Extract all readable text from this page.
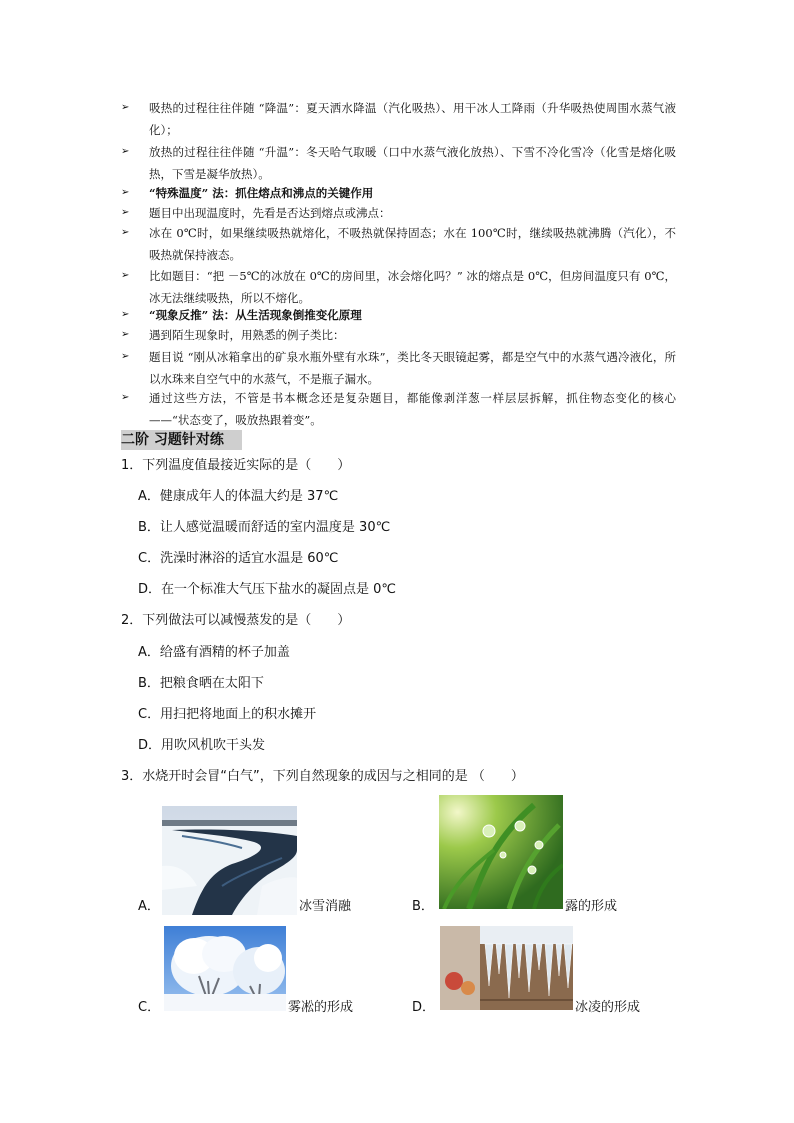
➢ 吸热的过程往往伴随 “降温”：夏天洒水降温（汽化吸热）、用干冰人工降雨（升华吸热使周围水蒸气液化）；
➢ 放热的过程往往伴随 “升温”：冬天哈气取暖（口中水蒸气液化放热）、下雪不冷化雪冷（化雪是熔化吸热，下雪是凝华放热）。
➢ “特殊温度” 法：抓住熔点和沸点的关键作用
➢ 题目中出现温度时，先看是否达到熔点或沸点：
➢ 冰在 0℃时，如果继续吸热就熔化，不吸热就保持固态；水在 100℃时，继续吸热就沸腾（汽化），不吸热就保持液态。
➢ 比如题目：“把 －5℃的冰放在 0℃的房间里，冰会熔化吗？” 冰的熔点是 0℃，但房间温度只有 0℃，冰无法继续吸热，所以不熔化。
➢ “现象反推” 法：从生活现象倒推变化原理
➢ 遇到陌生现象时，用熟悉的例子类比：
➢ 题目说 “刚从冰箱拿出的矿泉水瓶外壁有水珠”，类比冬天眼镜起雾，都是空气中的水蒸气遇冷液化，所以水珠来自空气中的水蒸气，不是瓶子漏水。
➢ 通过这些方法，不管是书本概念还是复杂题目，都能像剥洋葱一样层层拆解，抓住物态变化的核心 ——“状态变了，吸放热跟着变”。
二阶 习题针对练
1．下列温度值最接近实际的是（　　）
A．健康成年人的体温大约是 37℃
B．让人感觉温暖而舒适的室内温度是 30℃
C．洗澡时淋浴的适宜水温是 60℃
D．在一个标准大气压下盐水的凝固点是 0℃
2．下列做法可以减慢蒸发的是（　　）
A．给盛有酒精的杯子加盖
B．把粮食晒在太阳下
C．用扫把将地面上的积水摊开
D．用吹风机吹干头发
3．水烧开时会冒“白气”，下列自然现象的成因与之相同的是 （　　）
A．	冰雪消融	B．	露的形成
C．	雾凇的形成	D．	冰凌的形成
